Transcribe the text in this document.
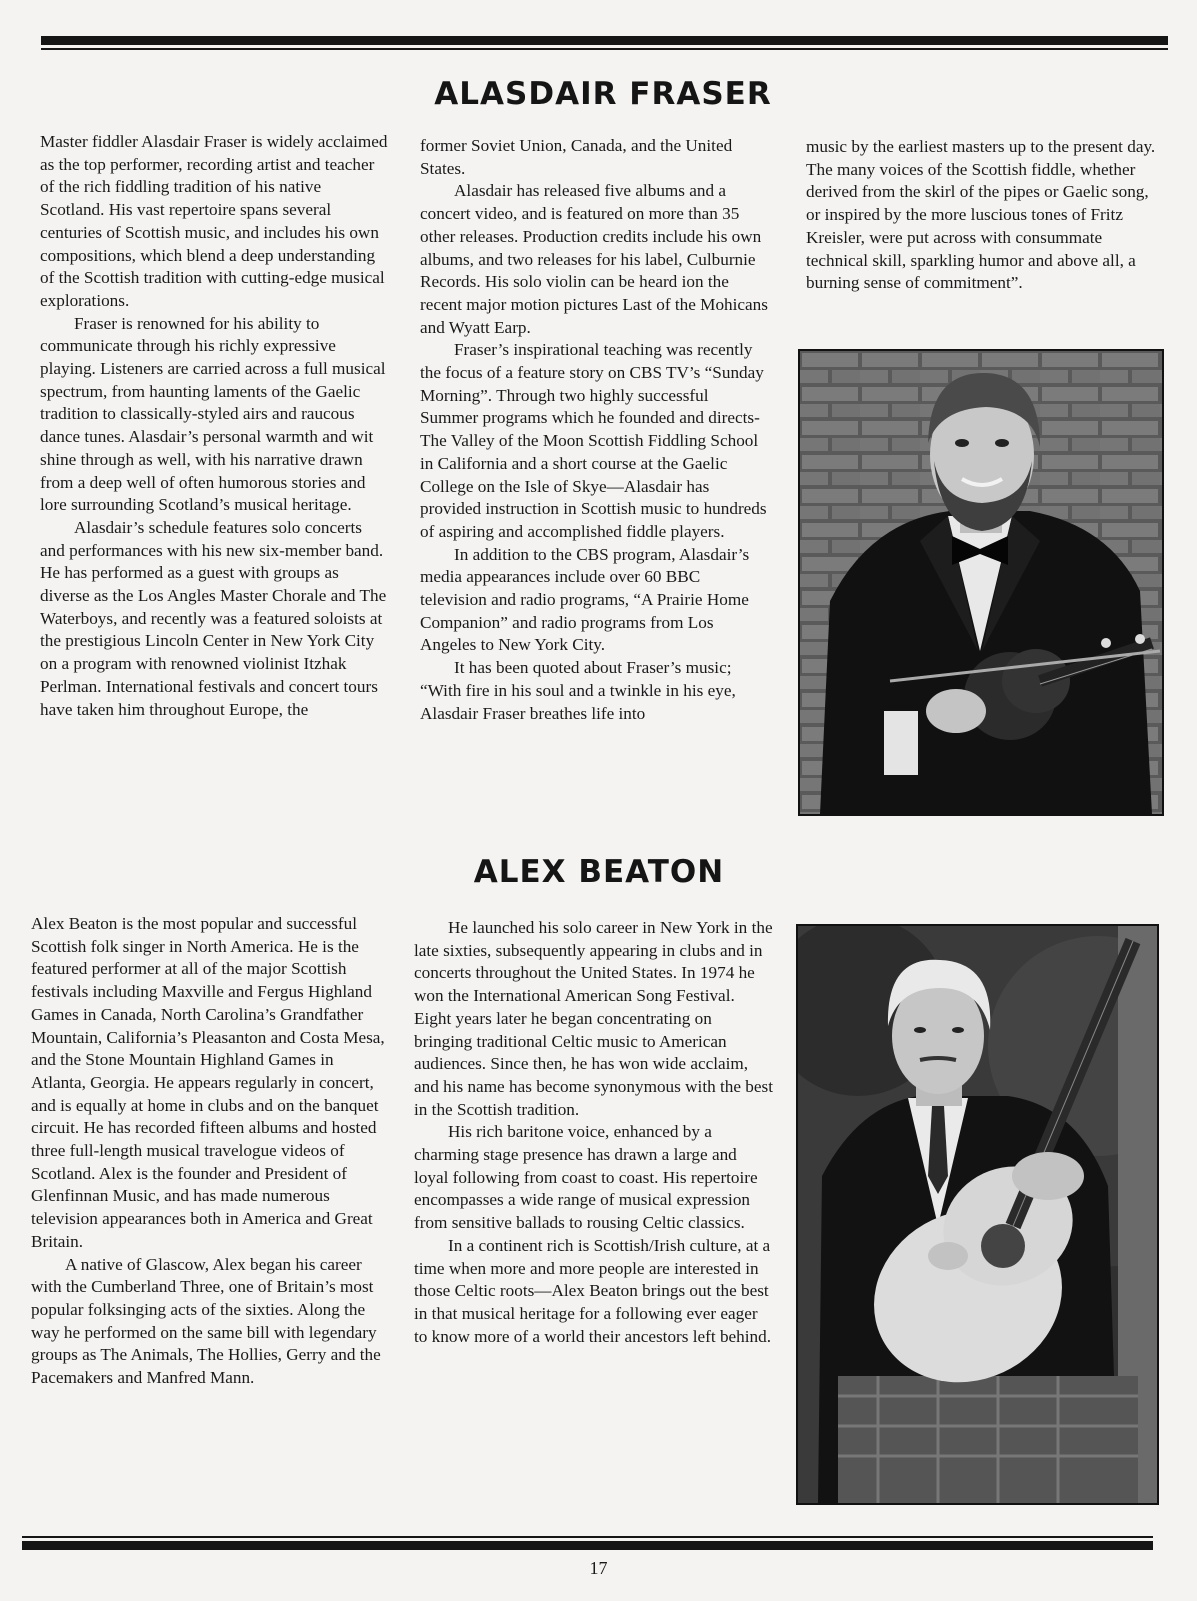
ALASDAIR FRASER

Master fiddler Alasdair Fraser is widely acclaimed as the top performer, recording artist and teacher of the rich fiddling tradition of his native Scotland. His vast repertoire spans several centuries of Scottish music, and includes his own compositions, which blend a deep understanding of the Scottish tradition with cutting-edge musical explorations.

Fraser is renowned for his ability to communicate through his richly expressive playing. Listeners are carried across a full musical spectrum, from haunting laments of the Gaelic tradition to classically-styled airs and raucous dance tunes. Alasdair’s personal warmth and wit shine through as well, with his narrative drawn from a deep well of often humorous stories and lore surrounding Scotland’s musical heritage.

Alasdair’s schedule features solo concerts and performances with his new six-member band. He has performed as a guest with groups as diverse as the Los Angles Master Chorale and The Waterboys, and recently was a featured soloists at the prestigious Lincoln Center in New York City on a program with renowned violinist Itzhak Perlman. International festivals and concert tours have taken him throughout Europe, the

former Soviet Union, Canada, and the United States.

Alasdair has released five albums and a concert video, and is featured on more than 35 other releases. Production credits include his own albums, and two releases for his label, Culburnie Records. His solo violin can be heard ion the recent major motion pictures Last of the Mohicans and Wyatt Earp.

Fraser’s inspirational teaching was recently the focus of a feature story on CBS TV’s “Sunday Morning”. Through two highly successful Summer programs which he founded and directs-The Valley of the Moon Scottish Fiddling School in California and a short course at the Gaelic College on the Isle of Skye—Alasdair has provided instruction in Scottish music to hundreds of aspiring and accomplished fiddle players.

In addition to the CBS program, Alasdair’s media appearances include over 60 BBC television and radio programs, “A Prairie Home Companion” and radio programs from Los Angeles to New York City.

It has been quoted about Fraser’s music; “With fire in his soul and a twinkle in his eye, Alasdair Fraser breathes life into

music by the earliest masters up to the present day. The many voices of the Scottish fiddle, whether derived from the skirl of the pipes or Gaelic song, or inspired by the more luscious tones of Fritz Kreisler, were put across with consummate technical skill, sparkling humor and above all, a burning sense of commitment”.

ALEX BEATON

Alex Beaton is the most popular and successful Scottish folk singer in North America. He is the featured performer at all of the major Scottish festivals including Maxville and Fergus Highland Games in Canada, North Carolina’s Grandfather Mountain, California’s Pleasanton and Costa Mesa, and the Stone Mountain Highland Games in Atlanta, Georgia. He appears regularly in concert, and is equally at home in clubs and on the banquet circuit. He has recorded fifteen albums and hosted three full-length musical travelogue videos of Scotland. Alex is the founder and President of Glenfinnan Music, and has made numerous television appearances both in America and Great Britain.

A native of Glascow, Alex began his career with the Cumberland Three, one of Britain’s most popular folksinging acts of the sixties. Along the way he performed on the same bill with legendary groups as The Animals, The Hollies, Gerry and the Pacemakers and Manfred Mann.

He launched his solo career in New York in the late sixties, subsequently appearing in clubs and in concerts throughout the United States. In 1974 he won the International American Song Festival. Eight years later he began concentrating on bringing traditional Celtic music to American audiences. Since then, he has won wide acclaim, and his name has become synonymous with the best in the Scottish tradition.

His rich baritone voice, enhanced by a charming stage presence has drawn a large and loyal following from coast to coast. His repertoire encompasses a wide range of musical expression from sensitive ballads to rousing Celtic classics.

In a continent rich is Scottish/Irish culture, at a time when more and more people are interested in those Celtic roots—Alex Beaton brings out the best in that musical heritage for a following ever eager to know more of a world their ancestors left behind.

17
